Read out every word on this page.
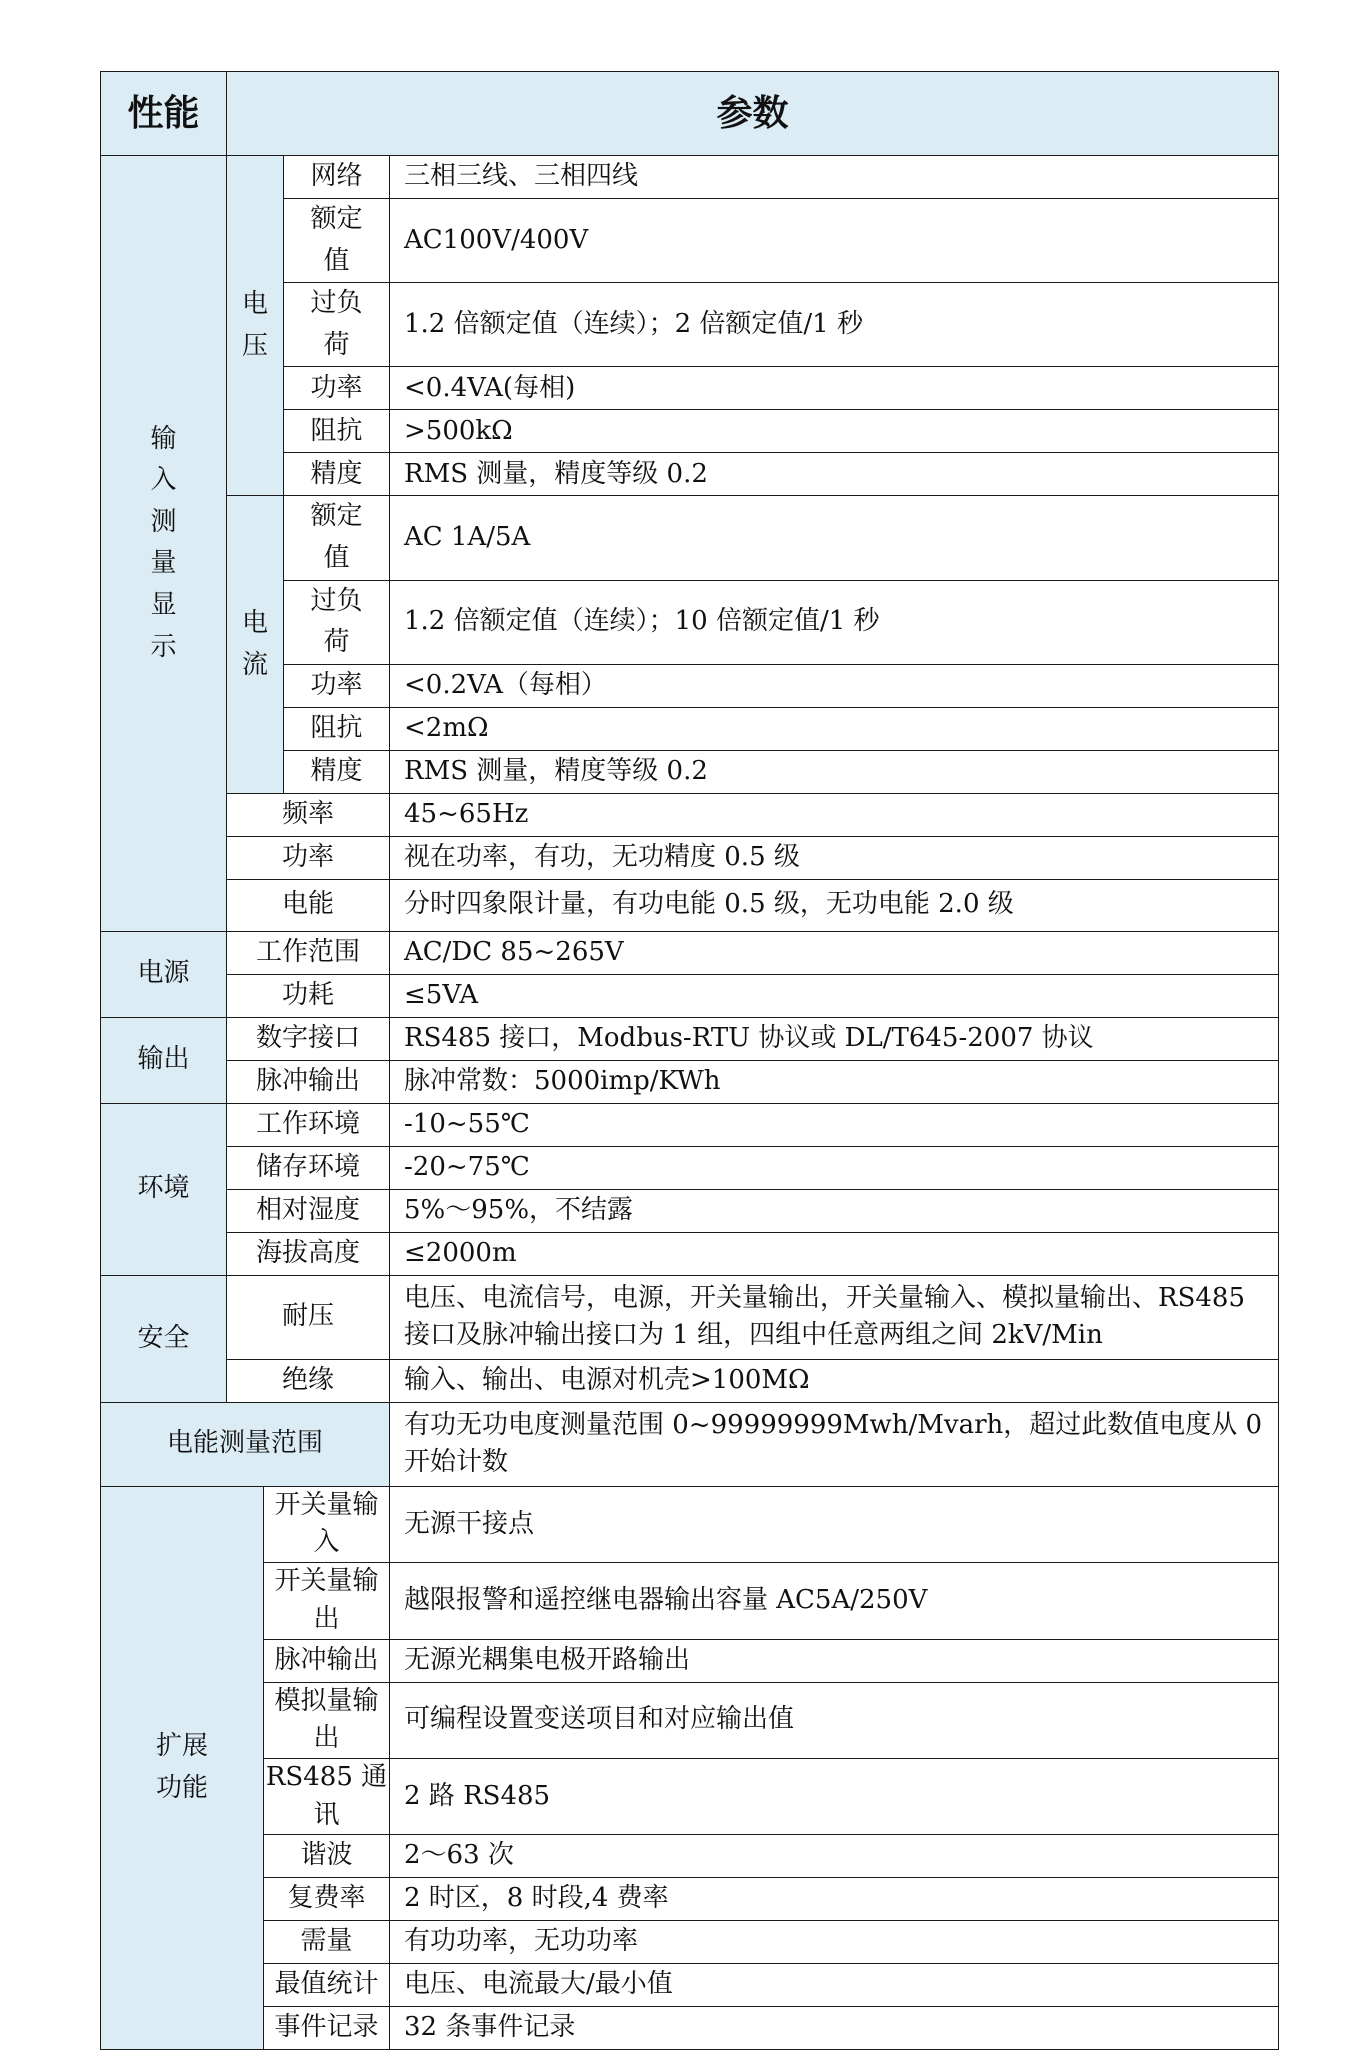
性能	参数			
输入测量显示	电压		网络	三相三线、三相四线
			额定值	AC100V/400V
			过负荷	1.2 倍额定值（连续）；2 倍额定值/1 秒
			功率	<0.4VA(每相)
			阻抗	>500kΩ
			精度	RMS 测量，精度等级 0.2
	电流		额定值	AC 1A/5A
			过负荷	1.2 倍额定值（连续）；10 倍额定值/1 秒
			功率	<0.2VA（每相）
			阻抗	<2mΩ
			精度	RMS 测量，精度等级 0.2
	频率			45~65Hz
	功率			视在功率，有功，无功精度 0.5 级
	电能			分时四象限计量，有功电能 0.5 级，无功电能 2.0 级
电源	工作范围			AC/DC 85~265V
	功耗			≤5VA
输出	数字接口			RS485 接口，Modbus-RTU 协议或 DL/T645-2007 协议
	脉冲输出			脉冲常数：5000imp/KWh
环境	工作环境			-10~55℃
	储存环境			-20~75℃
	相对湿度			5%～95%，不结露
	海拔高度			≤2000m
安全	耐压			电压、电流信号，电源，开关量输出，开关量输入、模拟量输出、RS485 接口及脉冲输出接口为 1 组，四组中任意两组之间 2kV/Min
	绝缘			输入、输出、电源对机壳>100MΩ
电能测量范围				有功无功电度测量范围 0~99999999Mwh/Mvarh，超过此数值电度从 0 开始计数
扩展功能		开关量输入		无源干接点
		开关量输出		越限报警和遥控继电器输出容量 AC5A/250V
		脉冲输出		无源光耦集电极开路输出
		模拟量输出		可编程设置变送项目和对应输出值
		RS485 通讯		2 路 RS485
		谐波		2～63 次
		复费率		2 时区，8 时段,4 费率
		需量		有功功率，无功功率
		最值统计		电压、电流最大/最小值
		事件记录		32 条事件记录
